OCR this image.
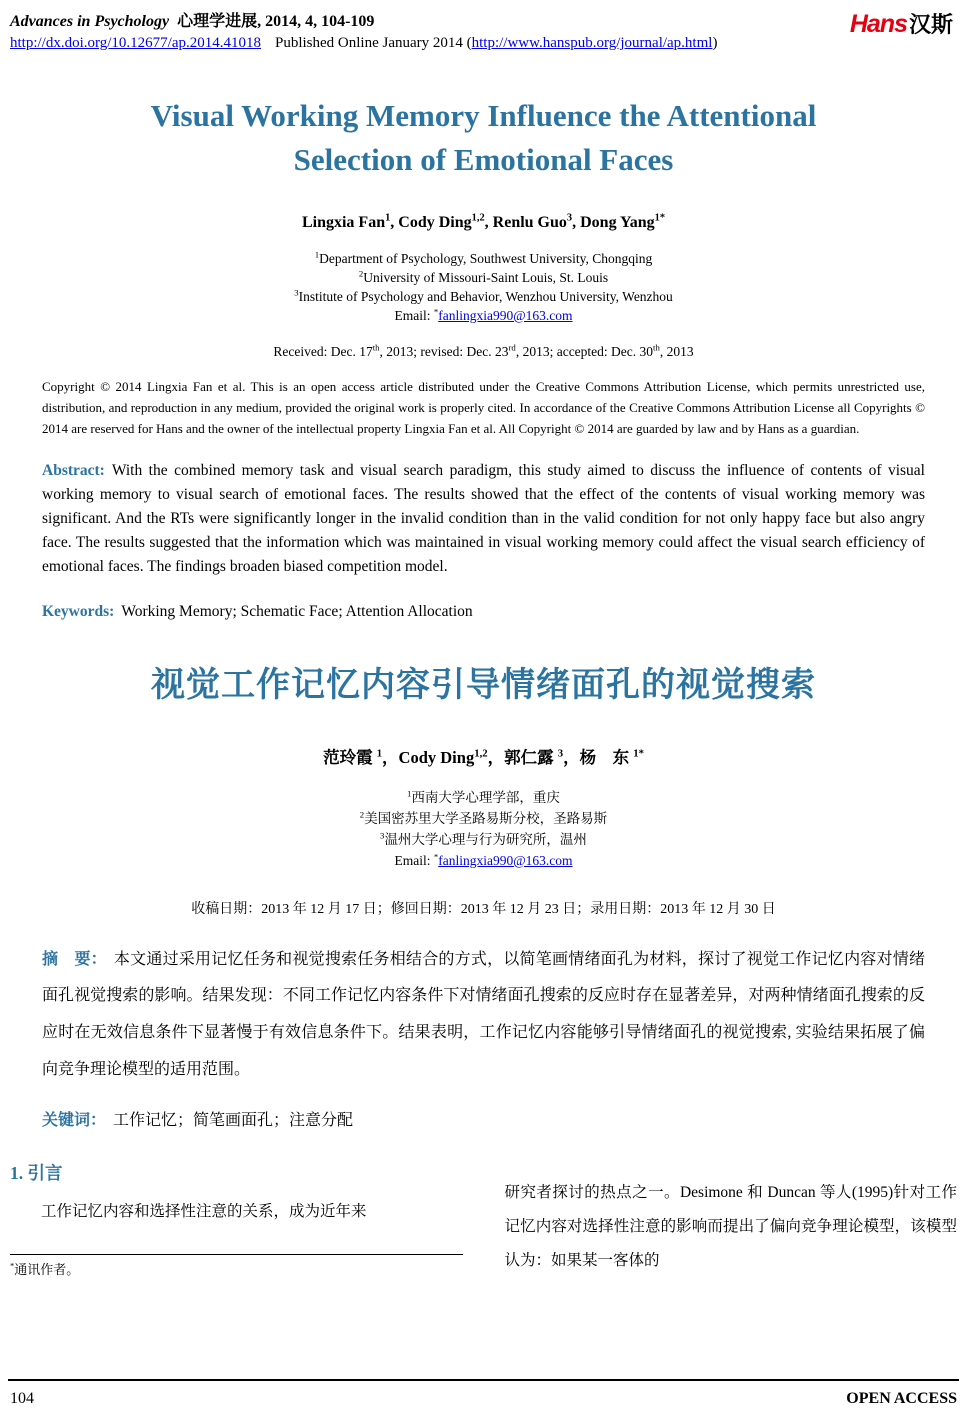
Advances in Psychology 心理学进展, 2014, 4, 104-109
http://dx.doi.org/10.12677/ap.2014.41018 Published Online January 2014 (http://www.hanspub.org/journal/ap.html)
Hans汉斯
Visual Working Memory Influence the Attentional
Selection of Emotional Faces
Lingxia Fan$^1$, Cody Ding$^{1,2}$, Renlu Guo$^3$, Dong Yang$^{1*}$
$^1$Department of Psychology, Southwest University, Chongqing
$^2$University of Missouri-Saint Louis, St. Louis
$^3$Institute of Psychology and Behavior, Wenzhou University, Wenzhou
Email: *fanlingxia990@163.com
Received: Dec. 17th, 2013; revised: Dec. 23rd, 2013; accepted: Dec. 30th, 2013

Copyright © 2014 Lingxia Fan et al. This is an open access article distributed under the Creative Commons Attribution License, which permits unrestricted use, distribution, and reproduction in any medium, provided the original work is properly cited. In accordance of the Creative Commons Attribution License all Copyrights © 2014 are reserved for Hans and the owner of the intellectual property Lingxia Fan et al. All Copyright © 2014 are guarded by law and by Hans as a guardian.

Abstract: With the combined memory task and visual search paradigm, this study aimed to discuss the influence of contents of visual working memory to visual search of emotional faces. The results showed that the effect of the contents of visual working memory was significant. And the RTs were significantly longer in the invalid condition than in the valid condition for not only happy face but also angry face. The results suggested that the information which was maintained in visual working memory could affect the visual search efficiency of emotional faces. The findings broaden biased competition model.

Keywords: Working Memory; Schematic Face; Attention Allocation

视觉工作记忆内容引导情绪面孔的视觉搜索
范玲霞 $^1$，Cody Ding$^{1,2}$，郭仁露 $^3$，杨　东 $^{1*}$
$^1$西南大学心理学部，重庆
$^2$美国密苏里大学圣路易斯分校，圣路易斯
$^3$温州大学心理与行为研究所，温州
Email: *fanlingxia990@163.com
收稿日期：2013 年 12 月 17 日；修回日期：2013 年 12 月 23 日；录用日期：2013 年 12 月 30 日

摘　要： 本文通过采用记忆任务和视觉搜索任务相结合的方式，以简笔画情绪面孔为材料，探讨了视觉工作记忆内容对情绪面孔视觉搜索的影响。结果发现：不同工作记忆内容条件下对情绪面孔搜索的反应时存在显著差异，对两种情绪面孔搜索的反应时在无效信息条件下显著慢于有效信息条件下。结果表明，工作记忆内容能够引导情绪面孔的视觉搜索, 实验结果拓展了偏向竞争理论模型的适用范围。

关键词： 工作记忆；简笔画面孔；注意分配

1. 引言

工作记忆内容和选择性注意的关系，成为近年来

*通讯作者。

研究者探讨的热点之一。Desimone 和 Duncan 等人(1995)针对工作记忆内容对选择性注意的影响而提出了偏向竞争理论模型，该模型认为：如果某一客体的

104	OPEN ACCESS
